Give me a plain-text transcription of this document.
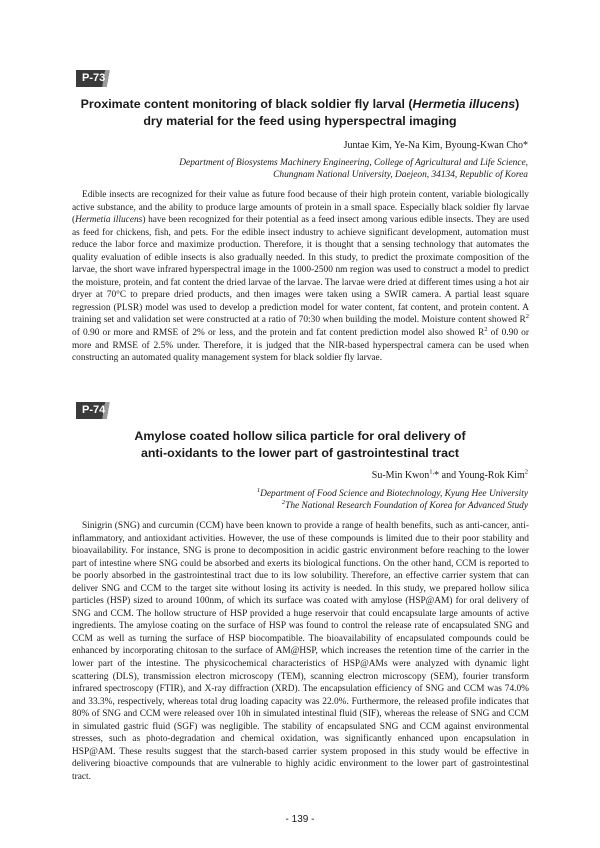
P-73
Proximate content monitoring of black soldier fly larval (Hermetia illucens) dry material for the feed using hyperspectral imaging
Juntae Kim, Ye-Na Kim, Byoung-Kwan Cho*
Department of Biosystems Machinery Engineering, College of Agricultural and Life Science,
Chungnam National University, Daejeon, 34134, Republic of Korea

Edible insects are recognized for their value as future food because of their high protein content, variable biologically active substance, and the ability to produce large amounts of protein in a small space. Especially black soldier fly larvae (Hermetia illucens) have been recognized for their potential as a feed insect among various edible insects. They are used as feed for chickens, fish, and pets. For the edible insect industry to achieve significant development, automation must reduce the labor force and maximize production. Therefore, it is thought that a sensing technology that automates the quality evaluation of edible insects is also gradually needed. In this study, to predict the proximate composition of the larvae, the short wave infrared hyperspectral image in the 1000-2500 nm region was used to construct a model to predict the moisture, protein, and fat content the dried larvae of the larvae. The larvae were dried at different times using a hot air dryer at 70°C to prepare dried products, and then images were taken using a SWIR camera. A partial least square regression (PLSR) model was used to develop a prediction model for water content, fat content, and protein content. A training set and validation set were constructed at a ratio of 70:30 when building the model. Moisture content showed $R^2$ of 0.90 or more and RMSE of 2% or less, and the protein and fat content prediction model also showed $R^2$ of 0.90 or more and RMSE of 2.5% under. Therefore, it is judged that the NIR-based hyperspectral camera can be used when constructing an automated quality management system for black soldier fly larvae.

P-74
Amylose coated hollow silica particle for oral delivery of
anti-oxidants to the lower part of gastrointestinal tract
Su-Min Kwon$^{1,}$* and Young-Rok Kim$^2$
$^1$Department of Food Science and Biotechnology, Kyung Hee University
$^2$The National Research Foundation of Korea for Advanced Study

Sinigrin (SNG) and curcumin (CCM) have been known to provide a range of health benefits, such as anti-cancer, anti-inflammatory, and antioxidant activities. However, the use of these compounds is limited due to their poor stability and bioavailability. For instance, SNG is prone to decomposition in acidic gastric environment before reaching to the lower part of intestine where SNG could be absorbed and exerts its biological functions. On the other hand, CCM is reported to be poorly absorbed in the gastrointestinal tract due to its low solubility. Therefore, an effective carrier system that can deliver SNG and CCM to the target site without losing its activity is needed. In this study, we prepared hollow silica particles (HSP) sized to around 100nm, of which its surface was coated with amylose (HSP@AM) for oral delivery of SNG and CCM. The hollow structure of HSP provided a huge reservoir that could encapsulate large amounts of active ingredients. The amylose coating on the surface of HSP was found to control the release rate of encapsulated SNG and CCM as well as turning the surface of HSP biocompatible. The bioavailability of encapsulated compounds could be enhanced by incorporating chitosan to the surface of AM@HSP, which increases the retention time of the carrier in the lower part of the intestine. The physicochemical characteristics of HSP@AMs were analyzed with dynamic light scattering (DLS), transmission electron microscopy (TEM), scanning electron microscopy (SEM), fourier transform infrared spectroscopy (FTIR), and X-ray diffraction (XRD). The encapsulation efficiency of SNG and CCM was 74.0% and 33.3%, respectively, whereas total drug loading capacity was 22.0%. Furthermore, the released profile indicates that 80% of SNG and CCM were released over 10h in simulated intestinal fluid (SIF), whereas the release of SNG and CCM in simulated gastric fluid (SGF) was negligible. The stability of encapsulated SNG and CCM against environmental stresses, such as photo-degradation and chemical oxidation, was significantly enhanced upon encapsulation in HSP@AM. These results suggest that the starch-based carrier system proposed in this study would be effective in delivering bioactive compounds that are vulnerable to highly acidic environment to the lower part of gastrointestinal tract.

- 139 -
